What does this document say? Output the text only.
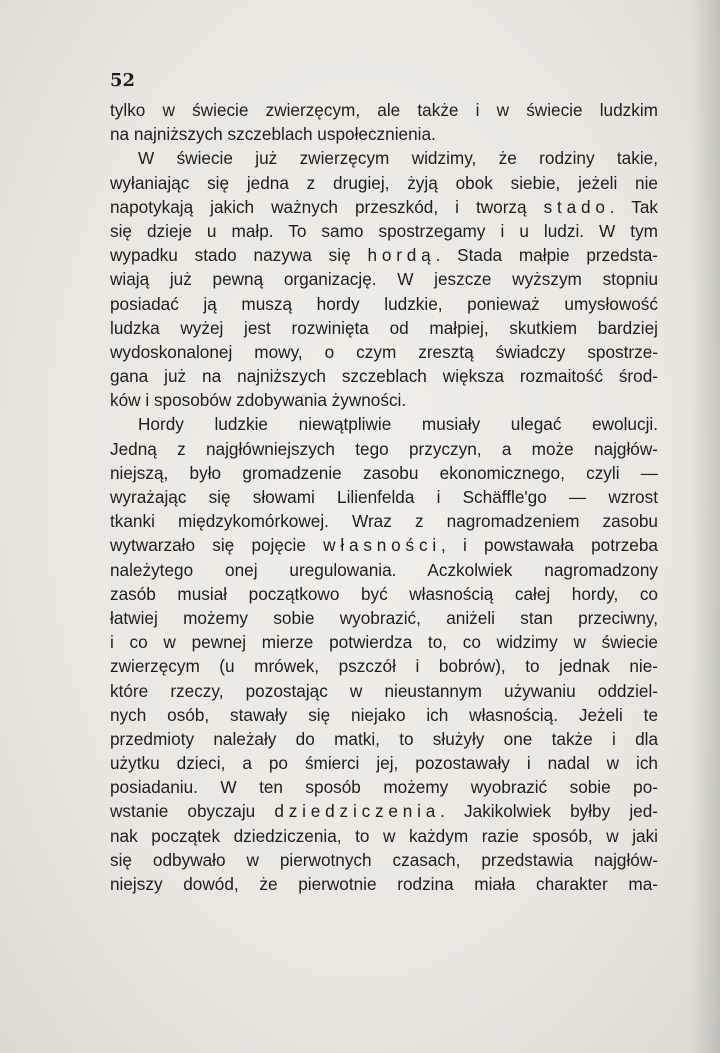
52
tylko w świecie zwierzęcym, ale także i w świecie ludzkim
na najniższych szczeblach uspołecznienia.
W świecie już zwierzęcym widzimy, że rodziny takie,
wyłaniając się jedna z drugiej, żyją obok siebie, jeżeli nie
napotykają jakich ważnych przeszkód, i tworzą stado. Tak
się dzieje u małp. To samo spostrzegamy i u ludzi. W tym
wypadku stado nazywa się hordą. Stada małpie przedsta-
wiają już pewną organizację. W jeszcze wyższym stopniu
posiadać ją muszą hordy ludzkie, ponieważ umysłowość
ludzka wyżej jest rozwinięta od małpiej, skutkiem bardziej
wydoskonalonej mowy, o czym zresztą świadczy spostrze-
gana już na najniższych szczeblach większa rozmaitość środ-
ków i sposobów zdobywania żywności.
Hordy ludzkie niewątpliwie musiały ulegać ewolucji.
Jedną z najgłówniejszych tego przyczyn, a może najgłów-
niejszą, było gromadzenie zasobu ekonomicznego, czyli —
wyrażając się słowami Lilienfelda i Schäffle'go — wzrost
tkanki międzykomórkowej. Wraz z nagromadzeniem zasobu
wytwarzało się pojęcie własności, i powstawała potrzeba
należytego onej uregulowania. Aczkolwiek nagromadzony
zasób musiał początkowo być własnością całej hordy, co
łatwiej możemy sobie wyobrazić, aniżeli stan przeciwny,
i co w pewnej mierze potwierdza to, co widzimy w świecie
zwierzęcym (u mrówek, pszczół i bobrów), to jednak nie-
które rzeczy, pozostając w nieustannym używaniu oddziel-
nych osób, stawały się niejako ich własnością. Jeżeli te
przedmioty należały do matki, to służyły one także i dla
użytku dzieci, a po śmierci jej, pozostawały i nadal w ich
posiadaniu. W ten sposób możemy wyobrazić sobie po-
wstanie obyczaju dziedziczenia. Jakikolwiek byłby jed-
nak początek dziedziczenia, to w każdym razie sposób, w jaki
się odbywało w pierwotnych czasach, przedstawia najgłów-
niejszy dowód, że pierwotnie rodzina miała charakter ma-
